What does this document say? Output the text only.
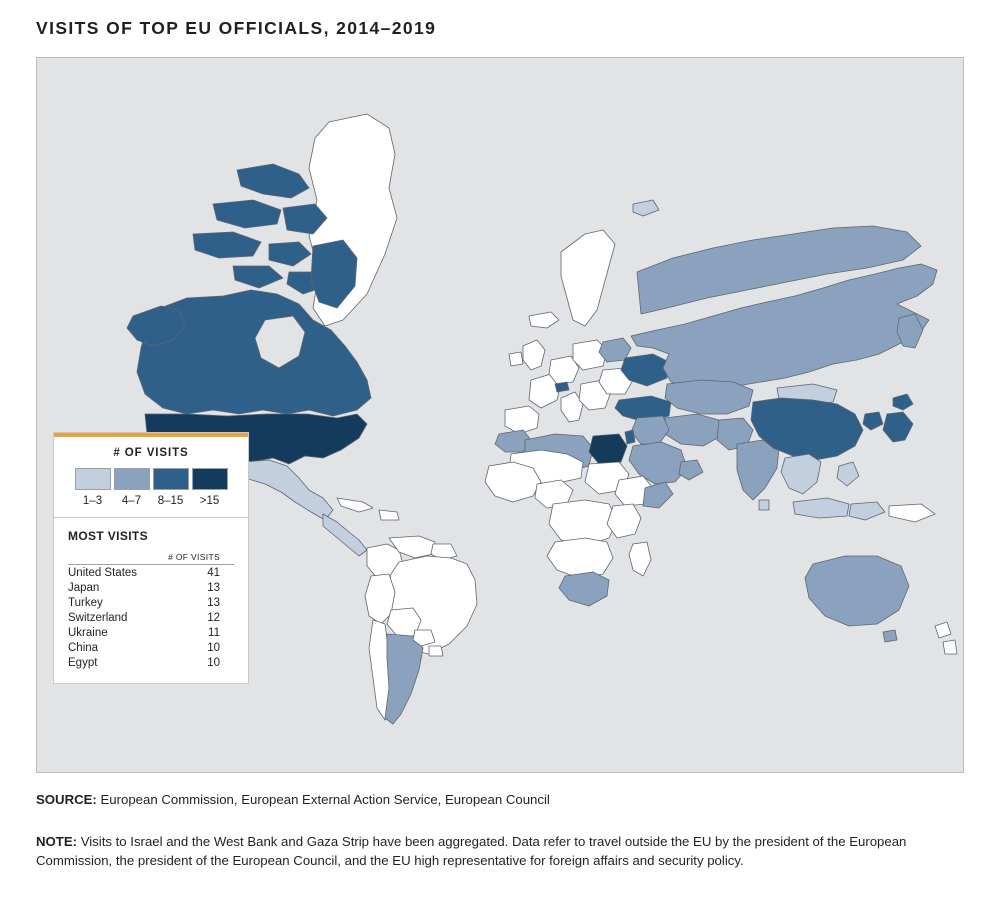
VISITS OF TOP EU OFFICIALS, 2014–2019
# OF VISITS
1–3	4–7	8–15	>15
MOST VISITS
	# OF VISITS
United States	41
Japan	13
Turkey	13
Switzerland	12
Ukraine	11
China	10
Egypt	10
SOURCE: European Commission, European External Action Service, European Council
NOTE: Visits to Israel and the West Bank and Gaza Strip have been aggregated. Data refer to travel outside the EU by the president of the European Commission, the president of the European Council, and the EU high representative for foreign affairs and security policy.
